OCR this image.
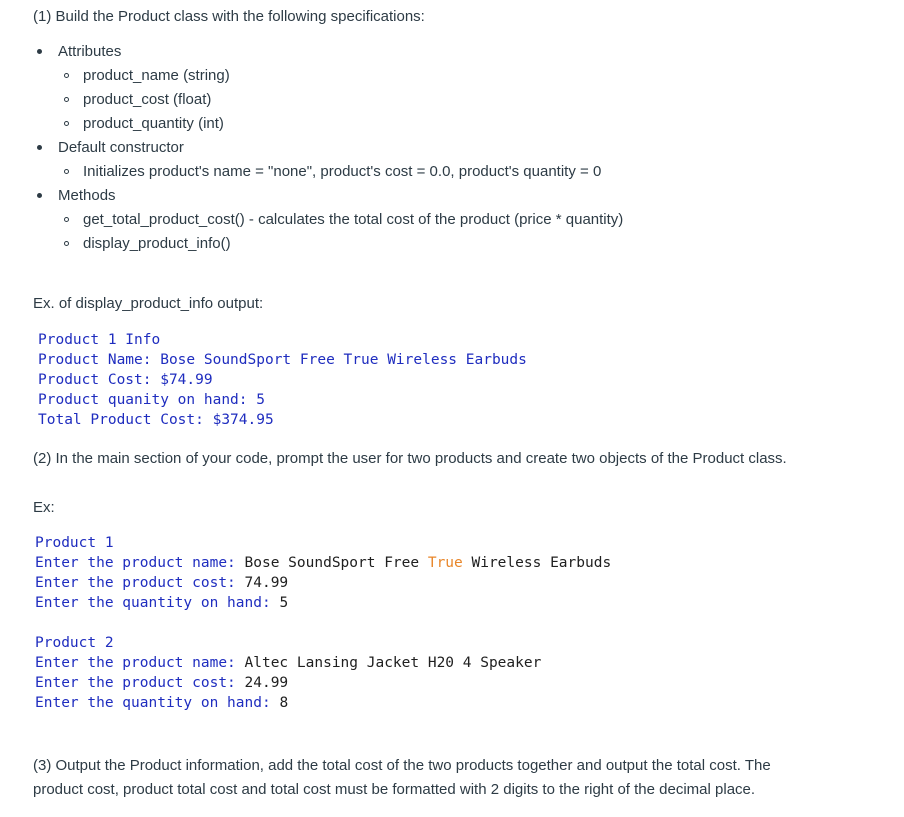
(1) Build the Product class with the following specifications:
Attributes
product_name (string)
product_cost (float)
product_quantity (int)
Default constructor
Initializes product's name = "none", product's cost = 0.0, product's quantity = 0
Methods
get_total_product_cost() - calculates the total cost of the product (price * quantity)
display_product_info()
Ex. of display_product_info output:
Product 1 Info
Product Name: Bose SoundSport Free True Wireless Earbuds
Product Cost: $74.99
Product quanity on hand: 5
Total Product Cost: $374.95
(2) In the main section of your code, prompt the user for two products and create two objects of the Product class.
Ex:
Product 1
Enter the product name: Bose SoundSport Free True Wireless Earbuds
Enter the product cost: 74.99
Enter the quantity on hand: 5
Product 2
Enter the product name: Altec Lansing Jacket H20 4 Speaker
Enter the product cost: 24.99
Enter the quantity on hand: 8
(3) Output the Product information, add the total cost of the two products together and output the total cost. The
product cost, product total cost and total cost must be formatted with 2 digits to the right of the decimal place.
